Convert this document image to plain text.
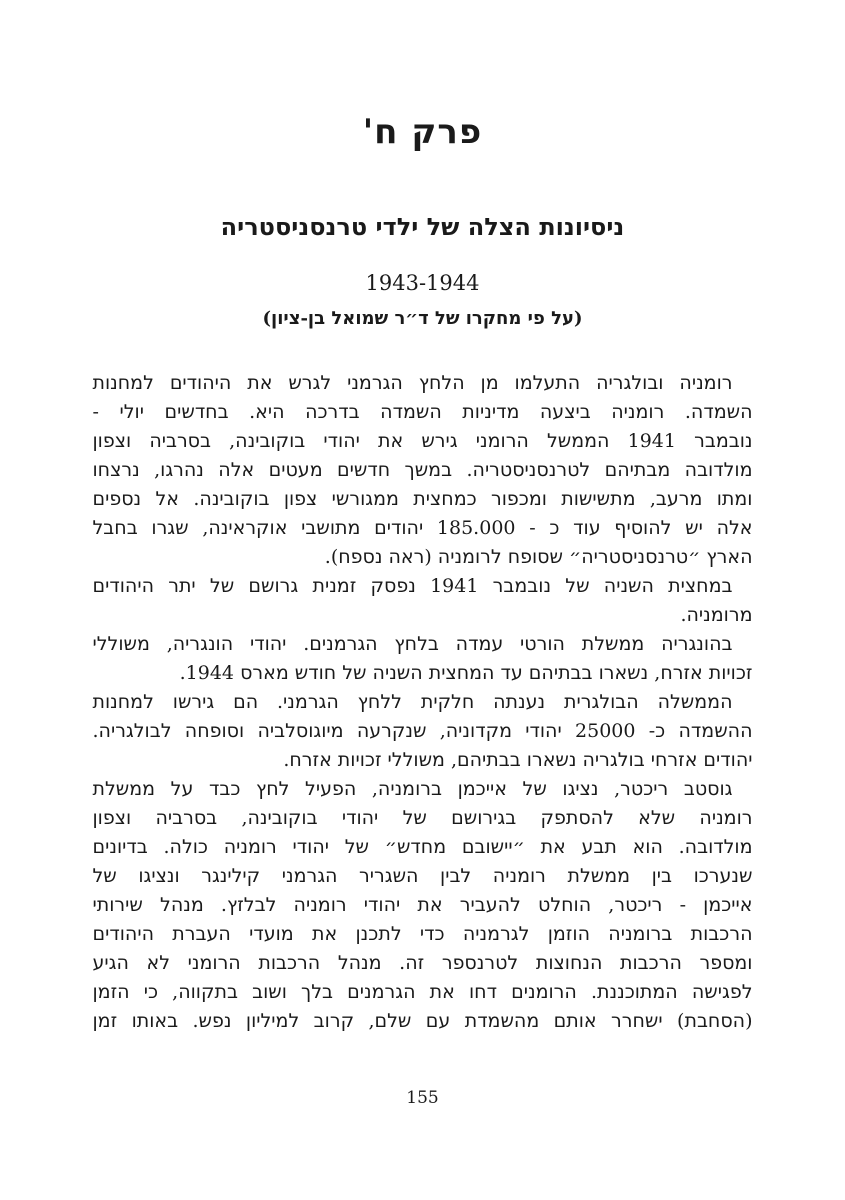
פרק ח'
ניסיונות הצלה של ילדי טרנסניסטריה
1943-1944
(על פי מחקרו של ד״ר שמואל בן-ציון)
רומניה ובולגריה התעלמו מן הלחץ הגרמני לגרש את היהודים למחנות
השמדה. רומניה ביצעה מדיניות השמדה בדרכה היא. בחדשים יולי -
נובמבר 1941 הממשל הרומני גירש את יהודי בוקובינה, בסרביה וצפון
מולדובה מבתיהם לטרנסניסטריה. במשך חדשים מעטים אלה נהרגו, נרצחו
ומתו מרעב, מתשישות ומכפור כמחצית ממגורשי צפון בוקובינה. אל נספים
אלה יש להוסיף עוד כ - 185.000 יהודים מתושבי אוקראינה, שגרו בחבל
הארץ ״טרנסניסטריה״ שסופח לרומניה (ראה נספח).
במחצית השניה של נובמבר 1941 נפסק זמנית גרושם של יתר היהודים
מרומניה.
בהונגריה ממשלת הורטי עמדה בלחץ הגרמנים. יהודי הונגריה, משוללי
זכויות אזרח, נשארו בבתיהם עד המחצית השניה של חודש מארס 1944.
הממשלה הבולגרית נענתה חלקית ללחץ הגרמני. הם גירשו למחנות
ההשמדה כ- 25000 יהודי מקדוניה, שנקרעה מיוגוסלביה וסופחה לבולגריה.
יהודים אזרחי בולגריה נשארו בבתיהם, משוללי זכויות אזרח.
גוסטב ריכטר, נציגו של אייכמן ברומניה, הפעיל לחץ כבד על ממשלת
רומניה שלא להסתפק בגירושם של יהודי בוקובינה, בסרביה וצפון
מולדובה. הוא תבע את ״יישובם מחדש״ של יהודי רומניה כולה. בדיונים
שנערכו בין ממשלת רומניה לבין השגריר הגרמני קילינגר ונציגו של
אייכמן - ריכטר, הוחלט להעביר את יהודי רומניה לבלזץ. מנהל שירותי
הרכבות ברומניה הוזמן לגרמניה כדי לתכנן את מועדי העברת היהודים
ומספר הרכבות הנחוצות לטרנספר זה. מנהל הרכבות הרומני לא הגיע
לפגישה המתוכננת. הרומנים דחו את הגרמנים בלך ושוב בתקווה, כי הזמן
(הסחבת) ישחרר אותם מהשמדת עם שלם, קרוב למיליון נפש. באותו זמן
155
